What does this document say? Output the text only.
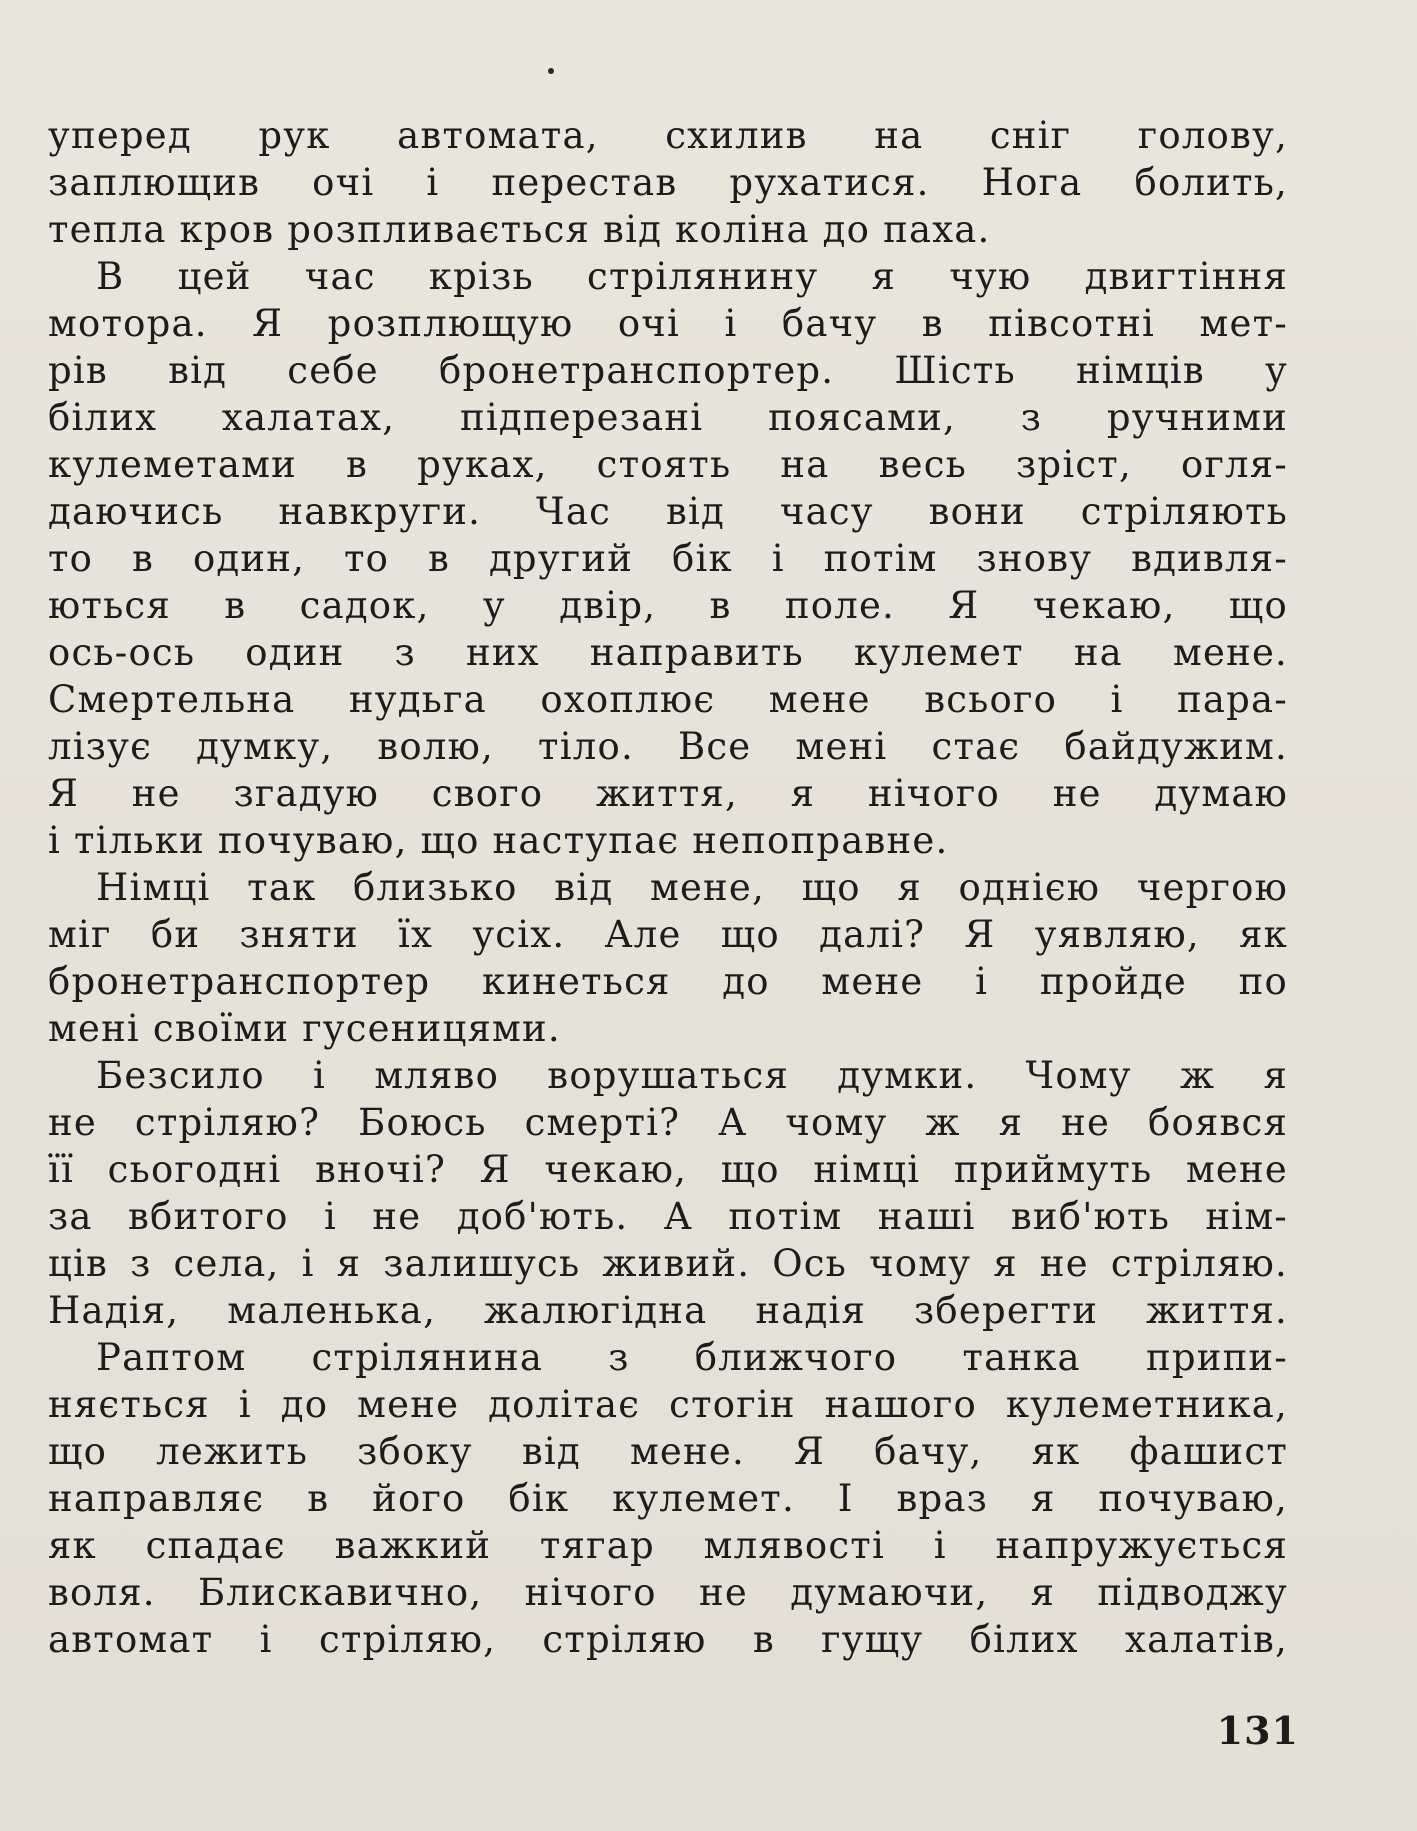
уперед рук автомата, схилив на сніг голову,
заплющив очі і перестав рухатися. Нога болить,
тепла кров розпливається від коліна до паха.

В цей час крізь стрілянину я чую двигтіння
мотора. Я розплющую очі і бачу в півсотні мет-
рів від себе бронетранспортер. Шість німців у
білих халатах, підперезані поясами, з ручними
кулеметами в руках, стоять на весь зріст, огля-
даючись навкруги. Час від часу вони стріляють
то в один, то в другий бік і потім знову вдивля-
ються в садок, у двір, в поле. Я чекаю, що
ось-ось один з них направить кулемет на мене.
Смертельна нудьга охоплює мене всього і пара-
лізує думку, волю, тіло. Все мені стає байдужим.
Я не згадую свого життя, я нічого не думаю
і тільки почуваю, що наступає непоправне.

Німці так близько від мене, що я однією чергою
міг би зняти їх усіх. Але що далі? Я уявляю, як
бронетранспортер кинеться до мене і пройде по
мені своїми гусеницями.

Безсило і мляво ворушаться думки. Чому ж я
не стріляю? Боюсь смерті? А чому ж я не боявся
її сьогодні вночі? Я чекаю, що німці приймуть мене
за вбитого і не доб'ють. А потім наші виб'ють нім-
ців з села, і я залишусь живий. Ось чому я не стріляю.
Надія, маленька, жалюгідна надія зберегти життя.

Раптом стрілянина з ближчого танка припи-
няється і до мене долітає стогін нашого кулеметника,
що лежить збоку від мене. Я бачу, як фашист
направляє в його бік кулемет. І враз я почуваю,
як спадає важкий тягар млявості і напружується
воля. Блискавично, нічого не думаючи, я підводжу
автомат і стріляю, стріляю в гущу білих халатів,

131
